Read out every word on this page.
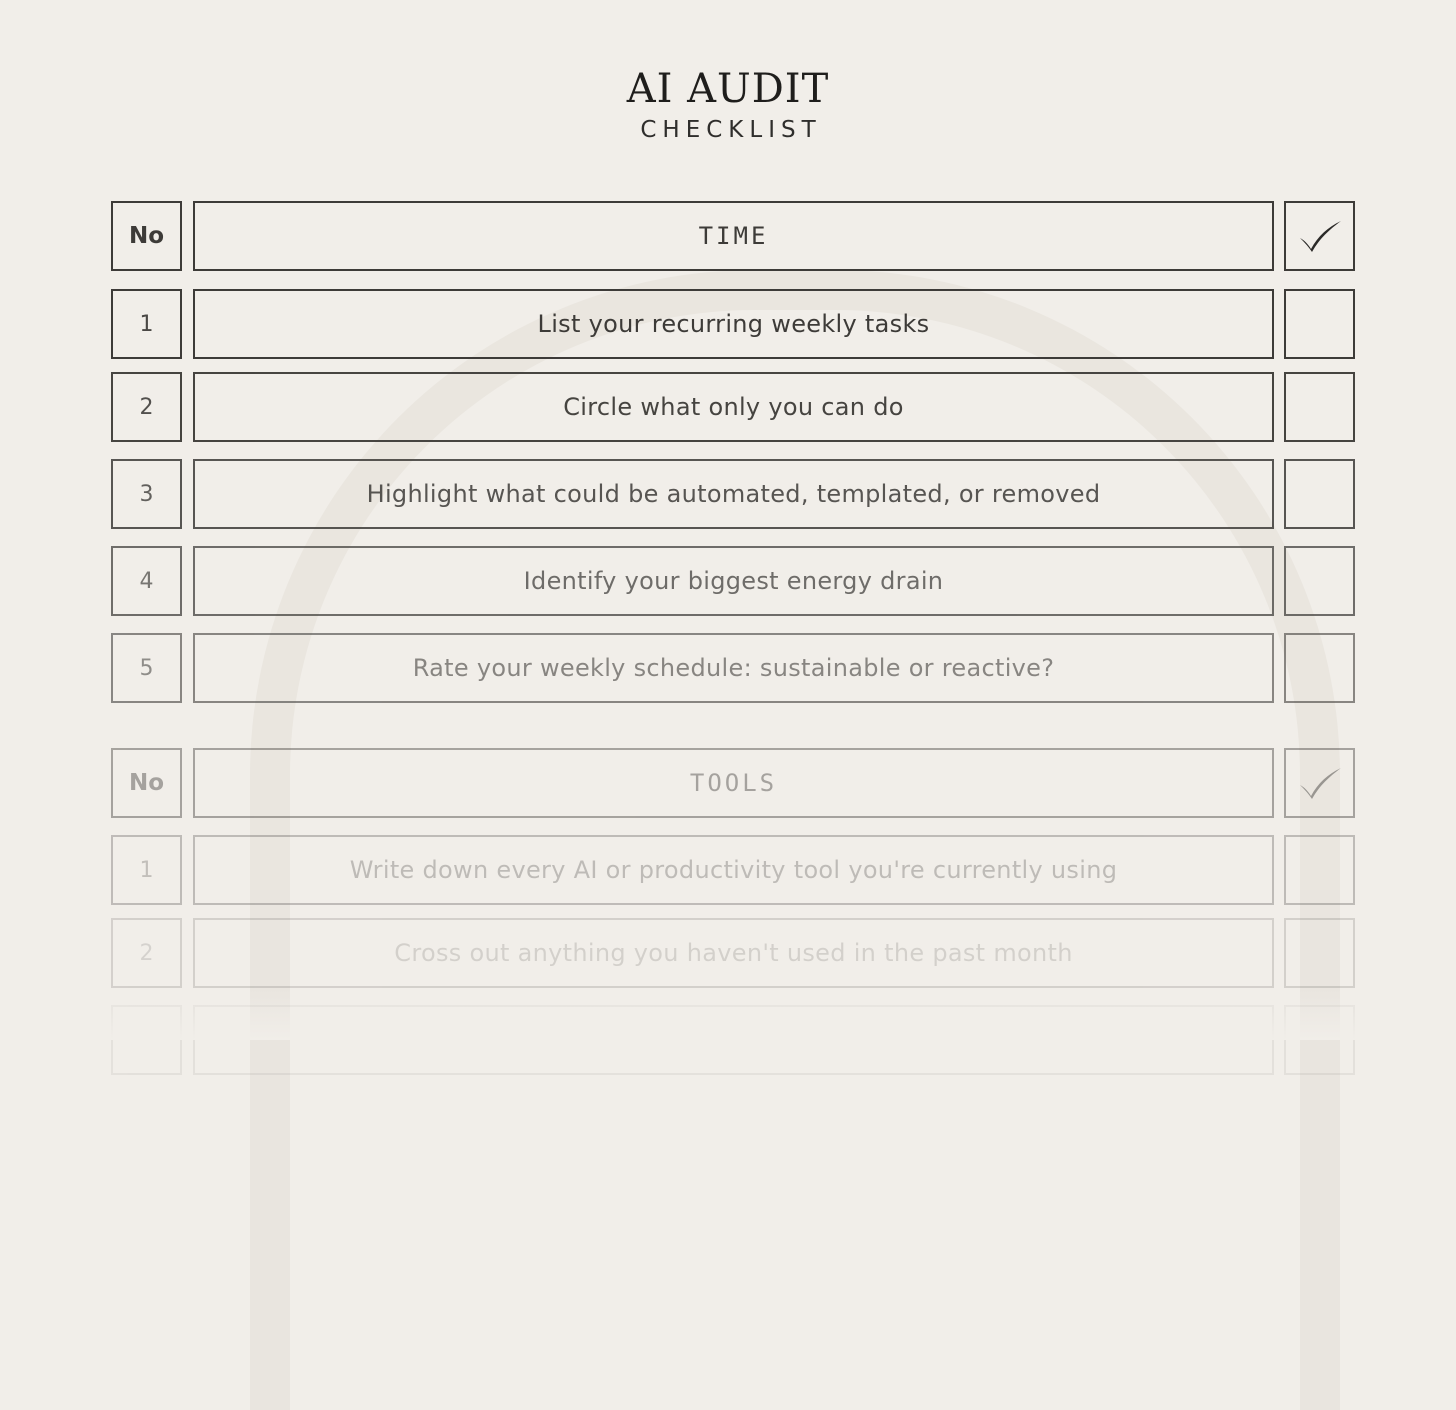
AI AUDIT
CHECKLIST
No	TIME
1	List your recurring weekly tasks
2	Circle what only you can do
3	Highlight what could be automated, templated, or removed
4	Identify your biggest energy drain
5	Rate your weekly schedule: sustainable or reactive?
No	TOOLS
1	Write down every AI or productivity tool you're currently using
2	Cross out anything you haven't used in the past month
